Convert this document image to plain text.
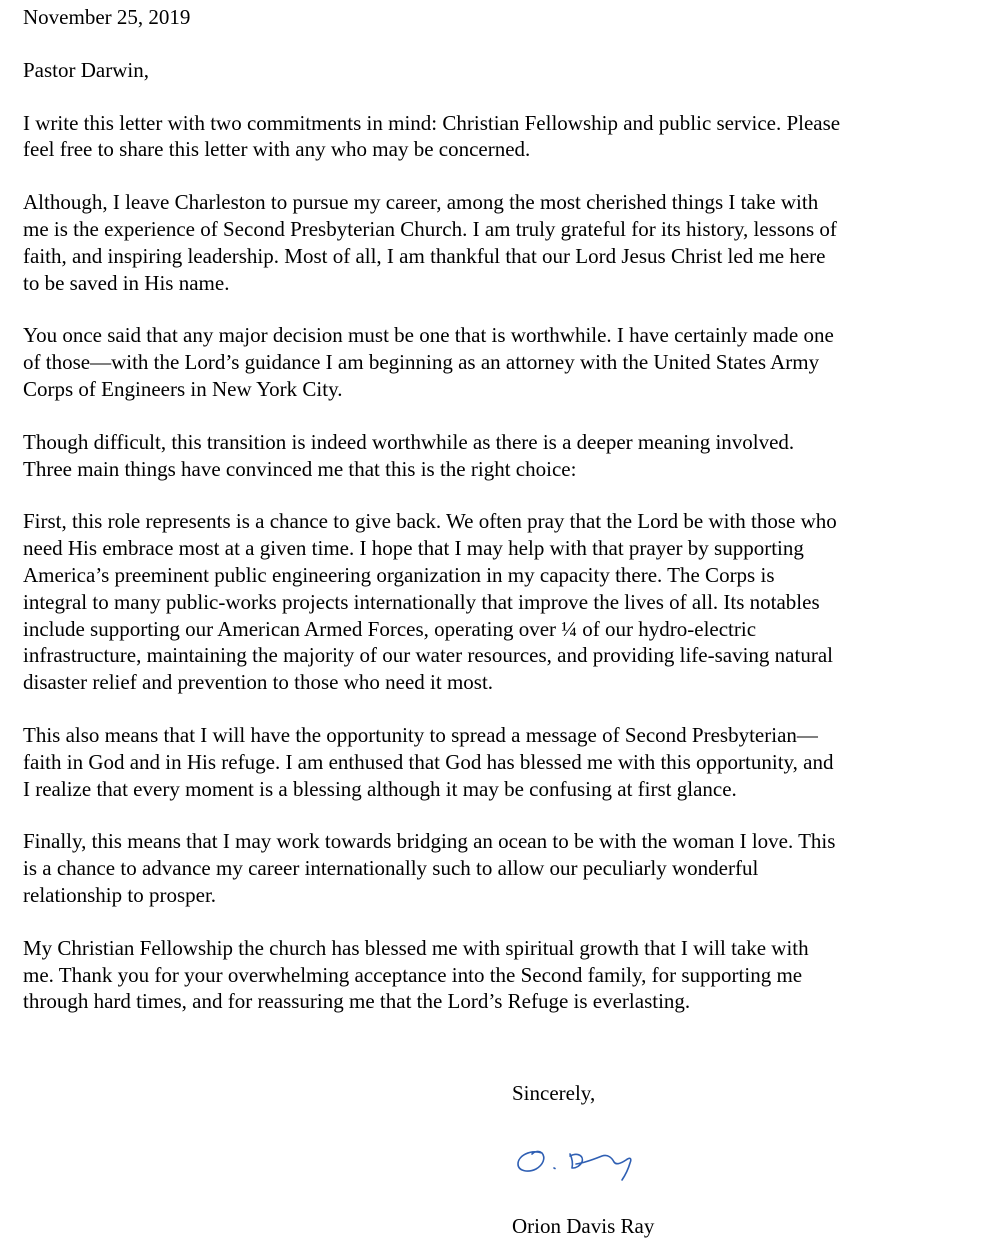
November 25, 2019

Pastor Darwin,

I write this letter with two commitments in mind: Christian Fellowship and public service. Please
feel free to share this letter with any who may be concerned.

Although, I leave Charleston to pursue my career, among the most cherished things I take with
me is the experience of Second Presbyterian Church. I am truly grateful for its history, lessons of
faith, and inspiring leadership. Most of all, I am thankful that our Lord Jesus Christ led me here
to be saved in His name.

You once said that any major decision must be one that is worthwhile. I have certainly made one
of those—with the Lord’s guidance I am beginning as an attorney with the United States Army
Corps of Engineers in New York City.

Though difficult, this transition is indeed worthwhile as there is a deeper meaning involved.
Three main things have convinced me that this is the right choice:

First, this role represents is a chance to give back. We often pray that the Lord be with those who
need His embrace most at a given time. I hope that I may help with that prayer by supporting
America’s preeminent public engineering organization in my capacity there. The Corps is
integral to many public-works projects internationally that improve the lives of all. Its notables
include supporting our American Armed Forces, operating over ¼ of our hydro-electric
infrastructure, maintaining the majority of our water resources, and providing life-saving natural
disaster relief and prevention to those who need it most.

This also means that I will have the opportunity to spread a message of Second Presbyterian—
faith in God and in His refuge. I am enthused that God has blessed me with this opportunity, and
I realize that every moment is a blessing although it may be confusing at first glance.

Finally, this means that I may work towards bridging an ocean to be with the woman I love. This
is a chance to advance my career internationally such to allow our peculiarly wonderful
relationship to prosper.

My Christian Fellowship the church has blessed me with spiritual growth that I will take with
me. Thank you for your overwhelming acceptance into the Second family, for supporting me
through hard times, and for reassuring me that the Lord’s Refuge is everlasting.

Sincerely,

Orion Davis Ray
